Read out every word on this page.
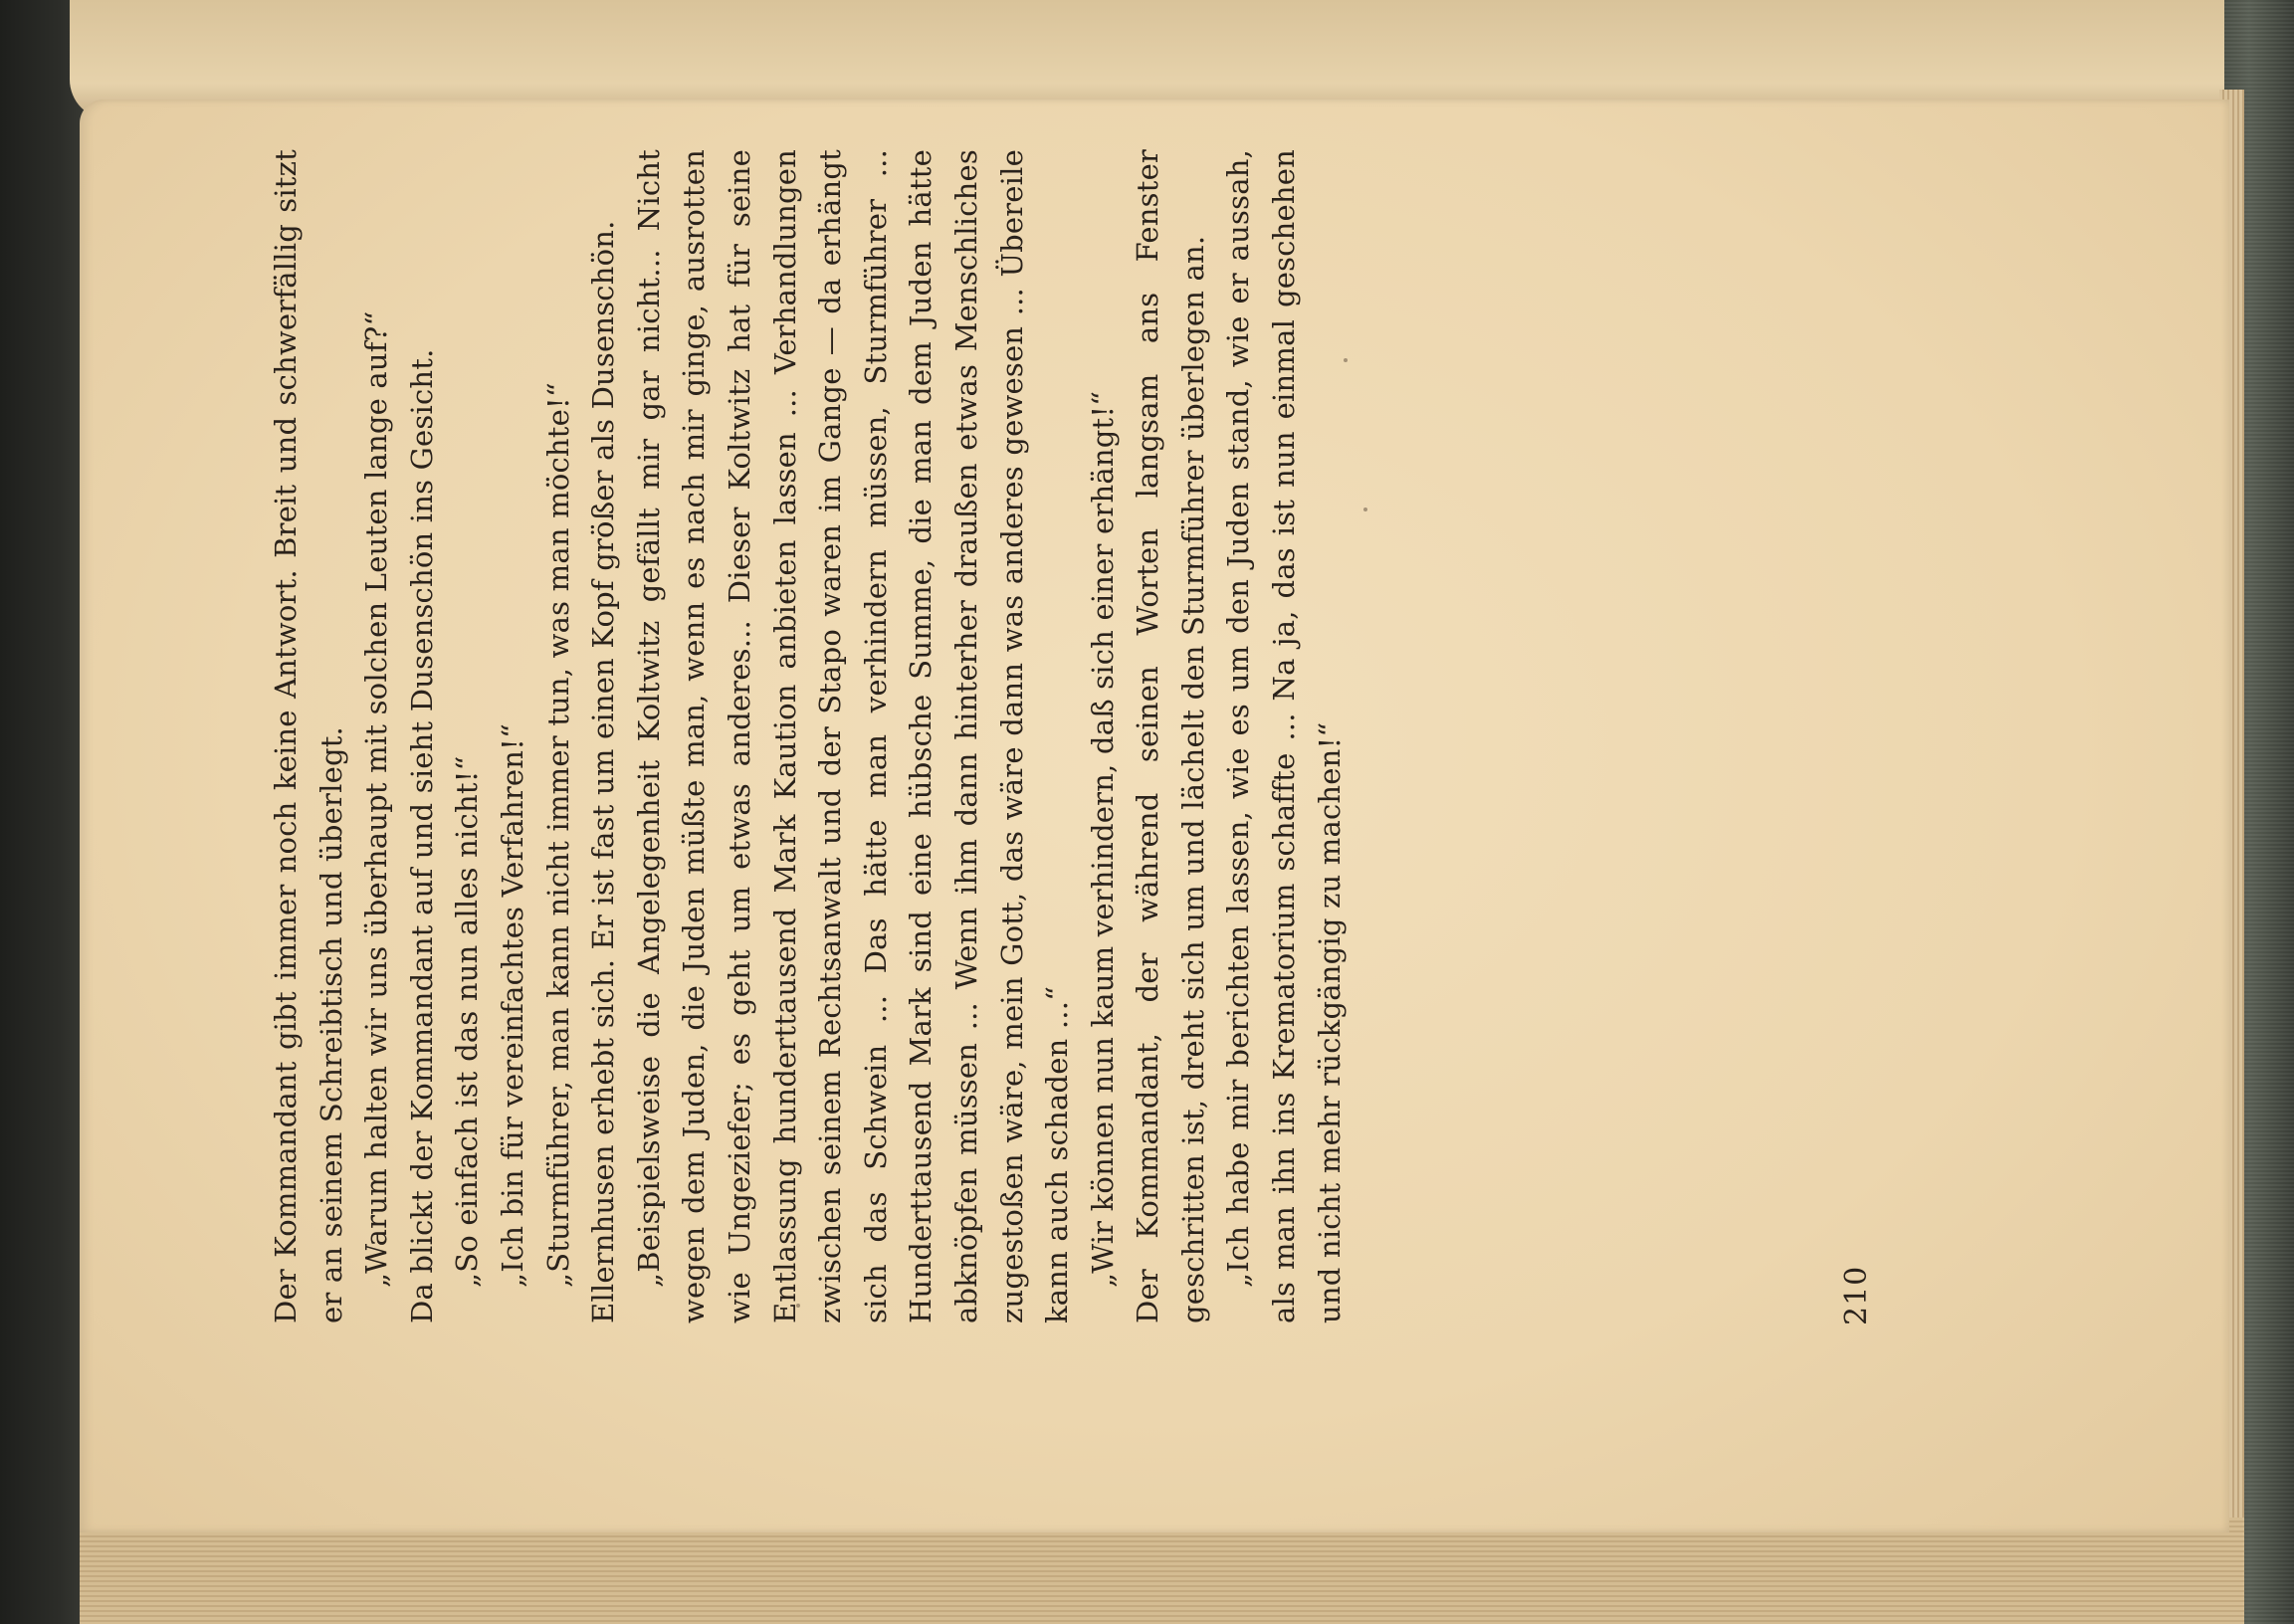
Der Kommandant gibt immer noch keine Antwort. Breit und schwerfällig sitzt er an seinem Schreibtisch und überlegt. „Warum halten wir uns überhaupt mit solchen Leuten lange auf?“ Da blickt der Kommandant auf und sieht Dusenschön ins Gesicht. „So einfach ist das nun alles nicht!“ „Ich bin für vereinfachtes Verfahren!“ „Sturmführer, man kann nicht immer tun, was man möchte!“ Ellernhusen erhebt sich. Er ist fast um einen Kopf größer als Dusenschön. „Beispielsweise die Angelegenheit Koltwitz gefällt mir gar nicht... Nicht wegen dem Juden, die Juden müßte man, wenn es nach mir ginge, ausrotten wie Ungeziefer; es geht um etwas anderes... Dieser Koltwitz hat für seine Entlassung hunderttausend Mark Kaution anbieten lassen ... Verhandlungen zwischen seinem Rechtsanwalt und der Stapo waren im Gange — da erhängt sich das Schwein ... Das hätte man verhindern müssen, Sturmführer ... Hunderttausend Mark sind eine hübsche Summe, die man dem Juden hätte abknöpfen müssen ... Wenn ihm dann hinterher draußen etwas Menschliches zugestoßen wäre, mein Gott, das wäre dann was anderes gewesen ... Übereile kann auch schaden ...“ „Wir können nun kaum verhindern, daß sich einer erhängt!“ Der Kommandant, der während seinen Worten langsam ans Fenster geschritten ist, dreht sich um und lächelt den Sturmführer überlegen an. „Ich habe mir berichten lassen, wie es um den Juden stand, wie er aussah, als man ihn ins Krematorium schaffte ... Na ja, das ist nun einmal geschehen und nicht mehr rückgängig zu machen!“	210
